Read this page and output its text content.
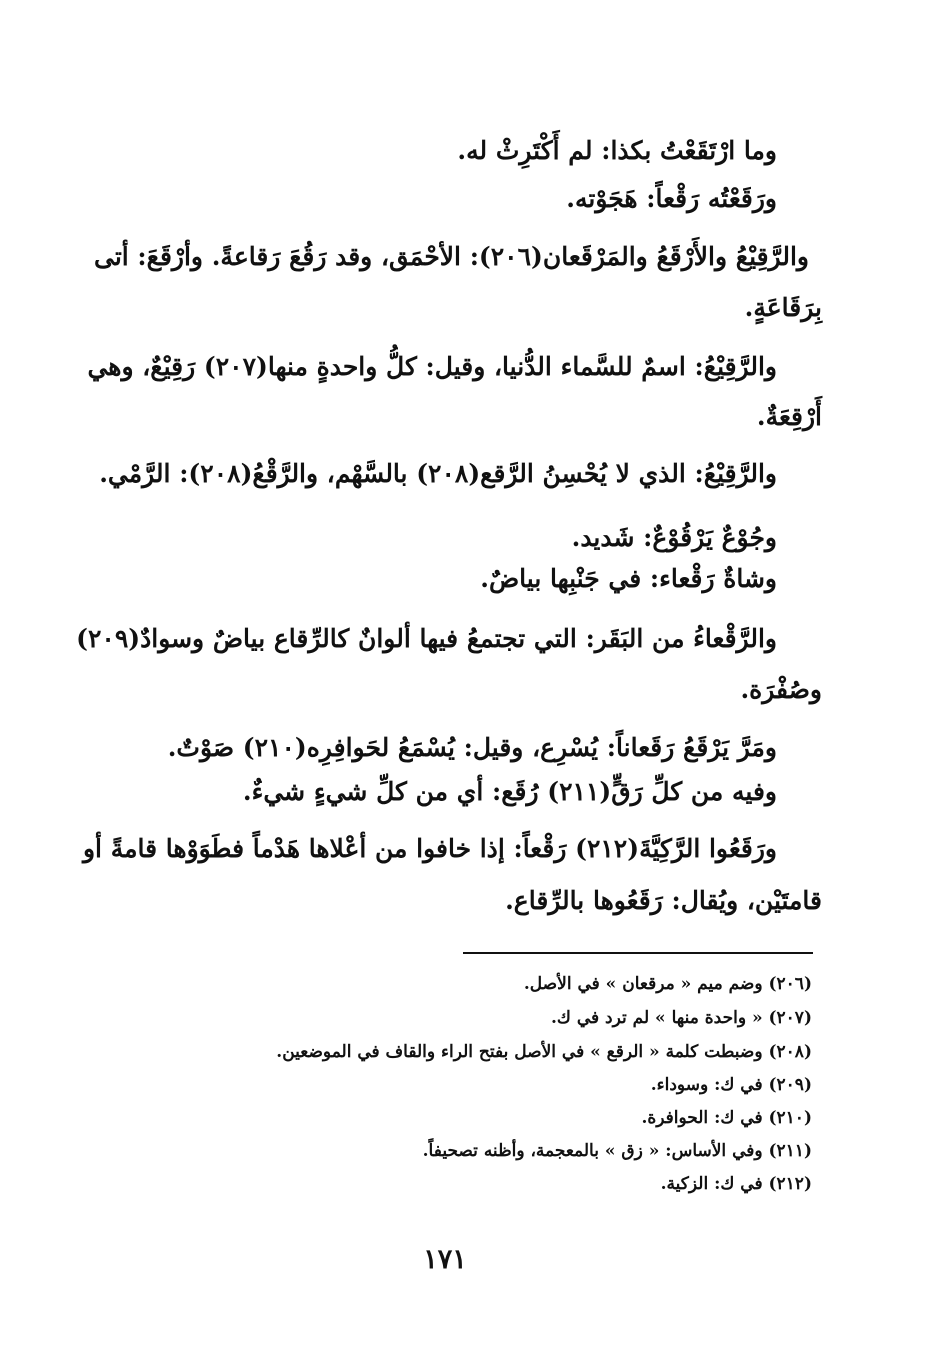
وما ارْتَقَعْتُ بكذا: لم أَكْتَرِثْ له.
ورَقَعْتُه رَقْعاً: هَجَوْته.
والرَّقِيْعُ والأَرْقَعُ والمَرْقَعان(٢٠٦): الأحْمَق، وقد رَقُعَ رَقاعةً. وأرْقَعَ: أتى
بِرَقَاعَةٍ.
والرَّقِيْعُ: اسمٌ للسَّماء الدُّنيا، وقيل: كلُّ واحدةٍ منها(٢٠٧) رَقِيْعٌ، وهي
أَرْقِعَةٌ.
والرَّقِيْعُ: الذي لا يُحْسِنُ الرَّقع(٢٠٨) بالسَّهْم، والرَّقْعُ(٢٠٨): الرَّمْي.
وجُوْعٌ يَرْقُوْعٌ: شَديد.
وشاةٌ رَقْعاء: في جَنْبِها بياضٌ.
والرَّقْعاءُ من البَقَر: التي تجتمعُ فيها ألوانٌ كالرِّقاع بياضٌ وسوادٌ(٢٠٩)
وصُفْرَة.
ومَرَّ يَرْقَعُ رَقَعاناً: يُسْرِع، وقيل: يُسْمَعُ لحَوافِرِه(٢١٠) صَوْتٌ.
وفيه من كلِّ رَقٍّ(٢١١) رُقَع: أي من كلِّ شيءٍ شيءٌ.
ورَقَعُوا الرَّكِيَّةَ(٢١٢) رَقْعاً: إذا خافوا من أعْلاها هَدْماً فطَوَوْها قامةً أو
قامتَيْن، ويُقال: رَقَعُوها بالرِّقاع.
(٢٠٦) وضم ميم « مرقعان » في الأصل.
(٢٠٧) « واحدة منها » لم ترد في ك.
(٢٠٨) وضبطت كلمة « الرقع » في الأصل بفتح الراء والقاف في الموضعين.
(٢٠٩) في ك: وسوداء.
(٢١٠) في ك: الحوافرة.
(٢١١) وفي الأساس: « زق » بالمعجمة، وأظنه تصحيفاً.
(٢١٢) في ك: الزكية.
١٧١
